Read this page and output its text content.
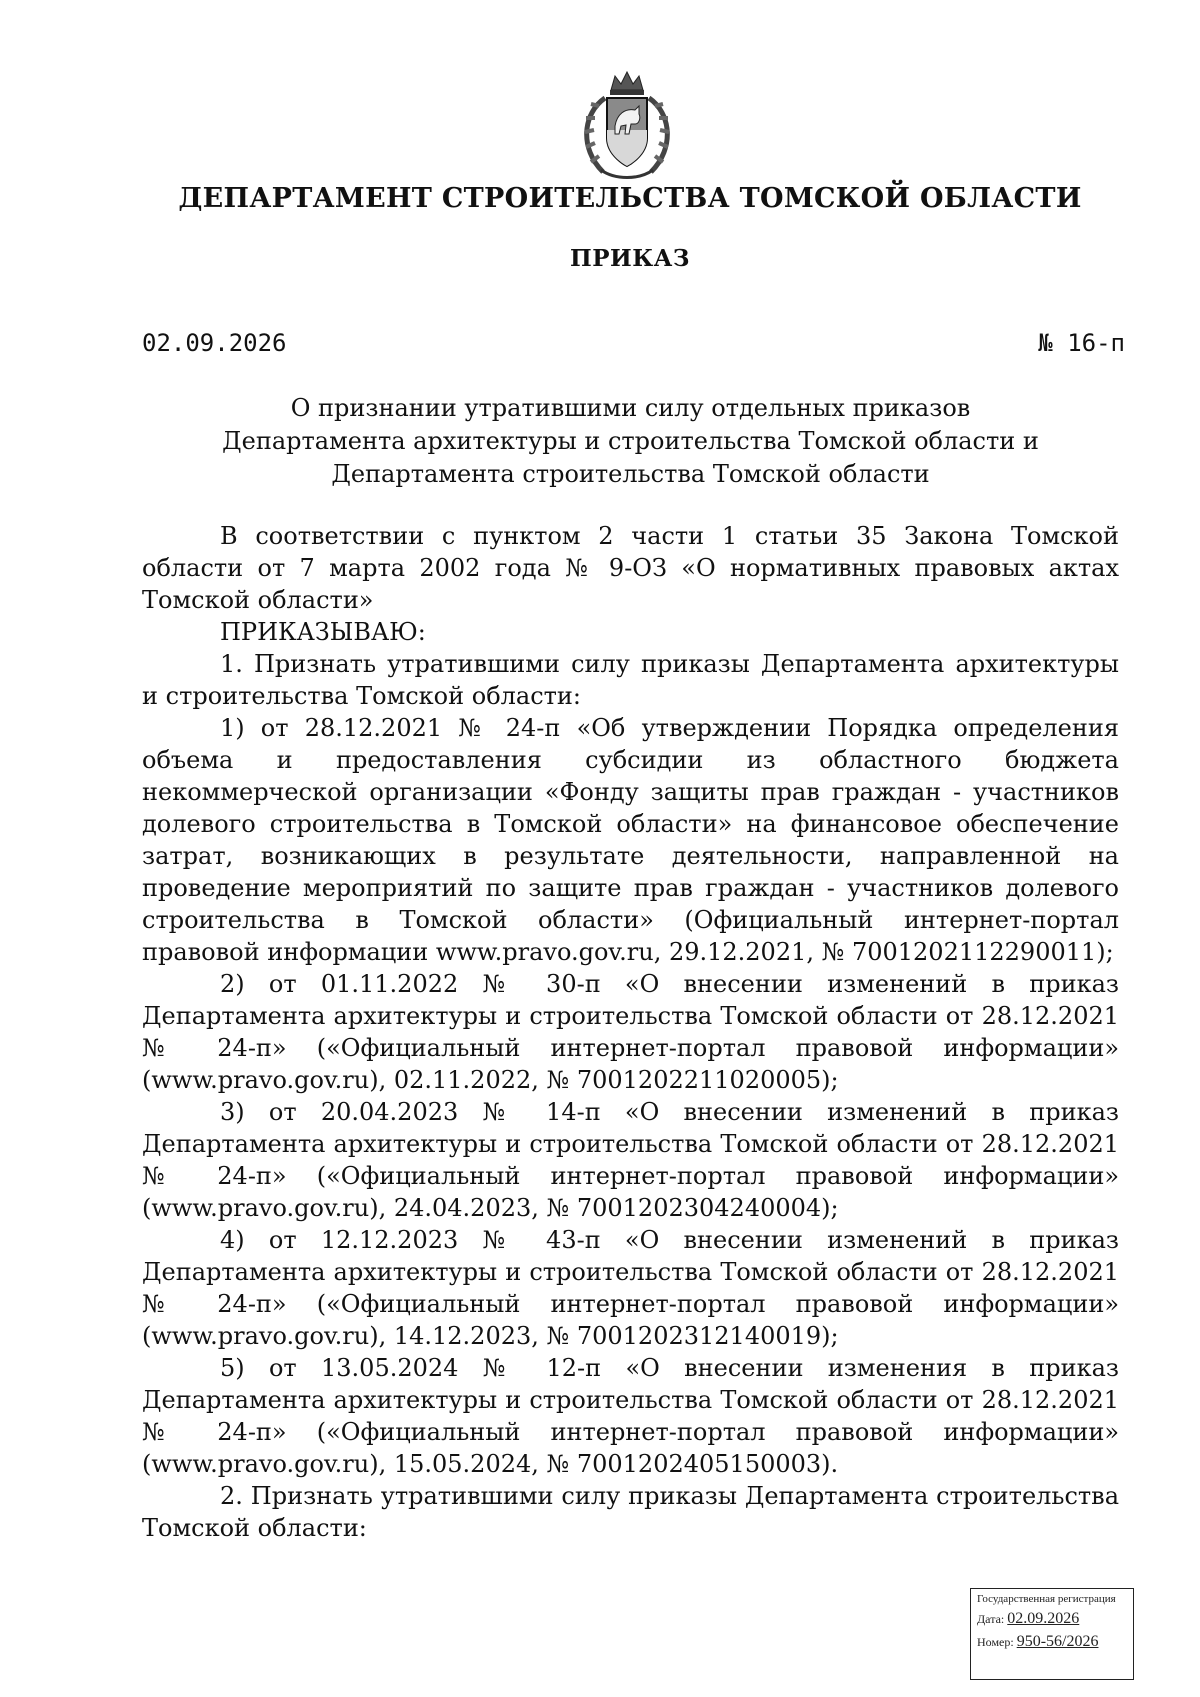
ДЕПАРТАМЕНТ СТРОИТЕЛЬСТВА ТОМСКОЙ ОБЛАСТИ
ПРИКАЗ
02.09.2026	№ 16-п
О признании утратившими силу отдельных приказов
Департамента архитектуры и строительства Томской области и
Департамента строительства Томской области

В соответствии с пунктом 2 части 1 статьи 35 Закона Томской области от 7 марта 2002 года № 9-ОЗ «О нормативных правовых актах Томской области»

ПРИКАЗЫВАЮ:

1. Признать утратившими силу приказы Департамента архитектуры и строительства Томской области:

1) от 28.12.2021 № 24-п «Об утверждении Порядка определения объема и предоставления субсидии из областного бюджета некоммерческой организации «Фонду защиты прав граждан - участников долевого строительства в Томской области» на финансовое обеспечение затрат, возникающих в результате деятельности, направленной на проведение мероприятий по защите прав граждан - участников долевого строительства в Томской области» (Официальный интернет-портал правовой информации www.pravo.gov.ru, 29.12.2021, № 7001202112290011);

2) от 01.11.2022 № 30-п «О внесении изменений в приказ Департамента архитектуры и строительства Томской области от 28.12.2021 № 24-п» («Официальный интернет-портал правовой информации» (www.pravo.gov.ru), 02.11.2022, № 7001202211020005);

3) от 20.04.2023 № 14-п «О внесении изменений в приказ Департамента архитектуры и строительства Томской области от 28.12.2021 № 24-п» («Официальный интернет-портал правовой информации» (www.pravo.gov.ru), 24.04.2023, № 7001202304240004);

4) от 12.12.2023 № 43-п «О внесении изменений в приказ Департамента архитектуры и строительства Томской области от 28.12.2021 № 24-п» («Официальный интернет-портал правовой информации» (www.pravo.gov.ru), 14.12.2023, № 7001202312140019);

5) от 13.05.2024 № 12-п «О внесении изменения в приказ Департамента архитектуры и строительства Томской области от 28.12.2021 № 24-п» («Официальный интернет-портал правовой информации» (www.pravo.gov.ru), 15.05.2024, № 7001202405150003).

2. Признать утратившими силу приказы Департамента строительства Томской области:

Государственная регистрация
Дата: 02.09.2026
Номер: 950-56/2026
